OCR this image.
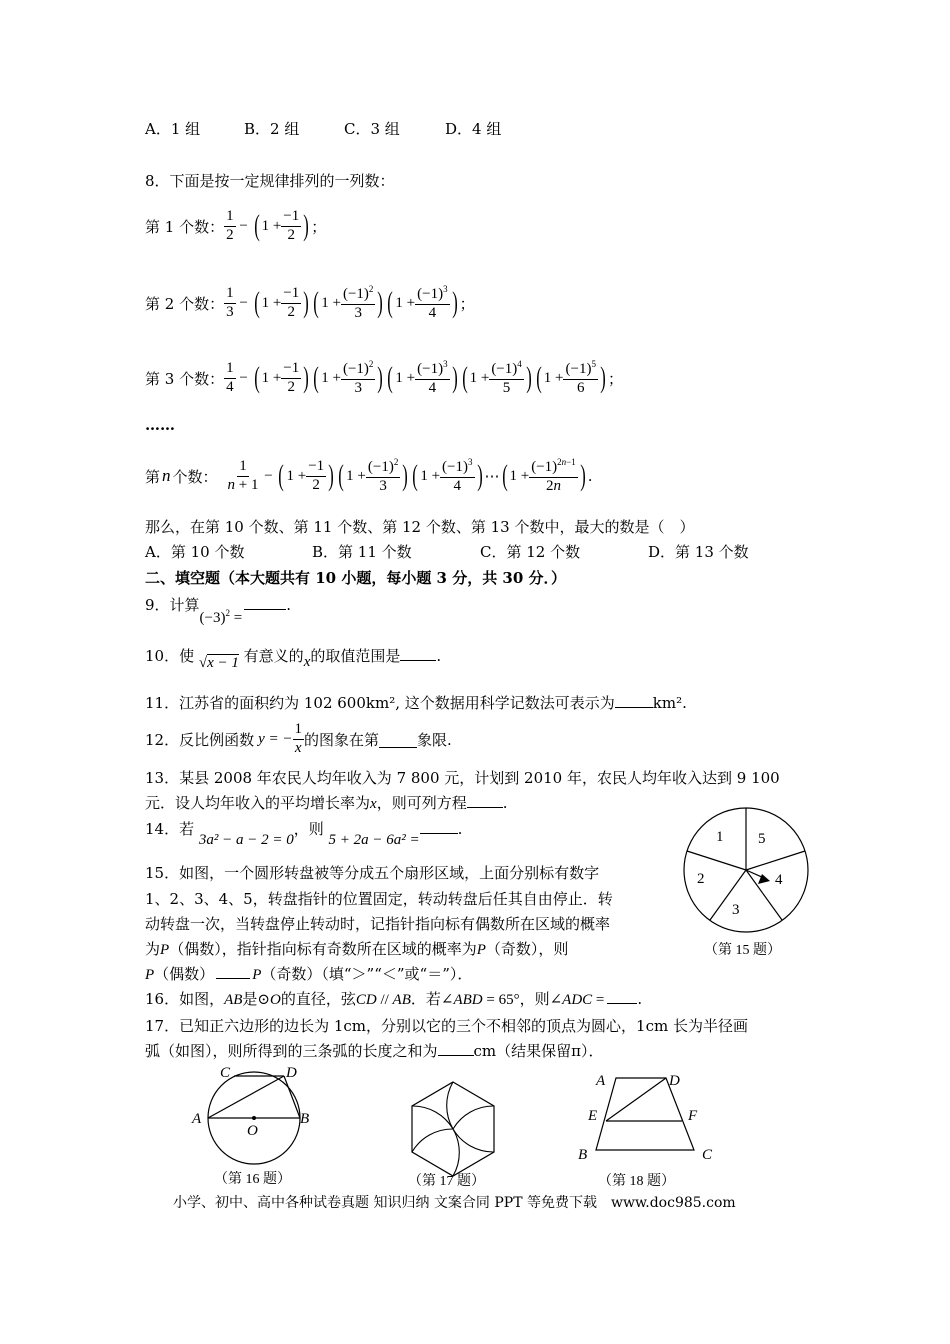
A．1 组	B．2 组	C．3 组	D．4 组
8．下面是按一定规律排列的一列数：
第 1 个数：
1
2
− ( $1 + \frac{-1}{2}$ ) ；
第 2 个数：
1
3
− ( $1 + \frac{-1}{2}$ ) ( $1 + \frac{(-1)^2}{3}$ ) ( $1 + \frac{(-1)^3}{4}$ ) ；
第 3 个数：
1
4
− ( $1 + \frac{-1}{2}$ ) ( $1 + \frac{(-1)^2}{3}$ ) ( $1 + \frac{(-1)^3}{4}$ ) ( $1 + \frac{(-1)^4}{5}$ ) ( $1 + \frac{(-1)^5}{6}$ ) ；
……
第 n 个数：
1
n + 1
− ( $1 + \frac{-1}{2}$ ) ( $1 + \frac{(-1)^2}{3}$ ) ( $1 + \frac{(-1)^3}{4}$ ) ⋯ ( $1 + \frac{(-1)^{2n-1}}{2n}$ ) .
那么，在第 10 个数、第 11 个数、第 12 个数、第 13 个数中，最大的数是（　）
A．第 10 个数	B．第 11 个数	C．第 12 个数	D．第 13 个数
二、填空题（本大题共有 10 小题，每小题 3 分，共 30 分．）
9．计算$(-3)^2$ =.
10．使 √x − 1 有意义的x的取值范围是 .
11．江苏省的面积约为 102 600km², 这个数据用科学记数法可表示为	km².
12．反比例函数 y = − $\frac{1}{x}$ 的图象在第	象限.
13．某县 2008 年农民人均年收入为 7 800 元，计划到 2010 年，农民人均年收入达到 9 100
元．设人均年收入的平均增长率为x，则可列方程 .
14．若 3a² − a − 2 = 0，则 5 + 2a − 6a² =.
15．如图，一个圆形转盘被等分成五个扇形区域，上面分别标有数字
1、2、3、4、5，转盘指针的位置固定，转动转盘后任其自由停止．转
动转盘一次，当转盘停止转动时，记指针指向标有偶数所在区域的概率
为P（偶数），指针指向标有奇数所在区域的概率为P（奇数），则
P（偶数）	P（奇数）（填“＞”“＜”或“＝”）．
1 5
4
3
2
（第 15 题）
16．如图，AB是⊙O的直径，弦CD // AB．若∠ABD = 65°，则∠ADC = .
17．已知正六边形的边长为 1cm，分别以它的三个不相邻的顶点为圆心，1cm 长为半径画
弧（如图），则所得到的三条弧的长度之和为 cm（结果保留π）．
C	D
A	B
O
（第 16 题）	（第 17 题）
A	D
E	F
B	C
（第 18 题）
小学、初中、高中各种试卷真题 知识归纳 文案合同 PPT 等免费下载　www.doc985.com
